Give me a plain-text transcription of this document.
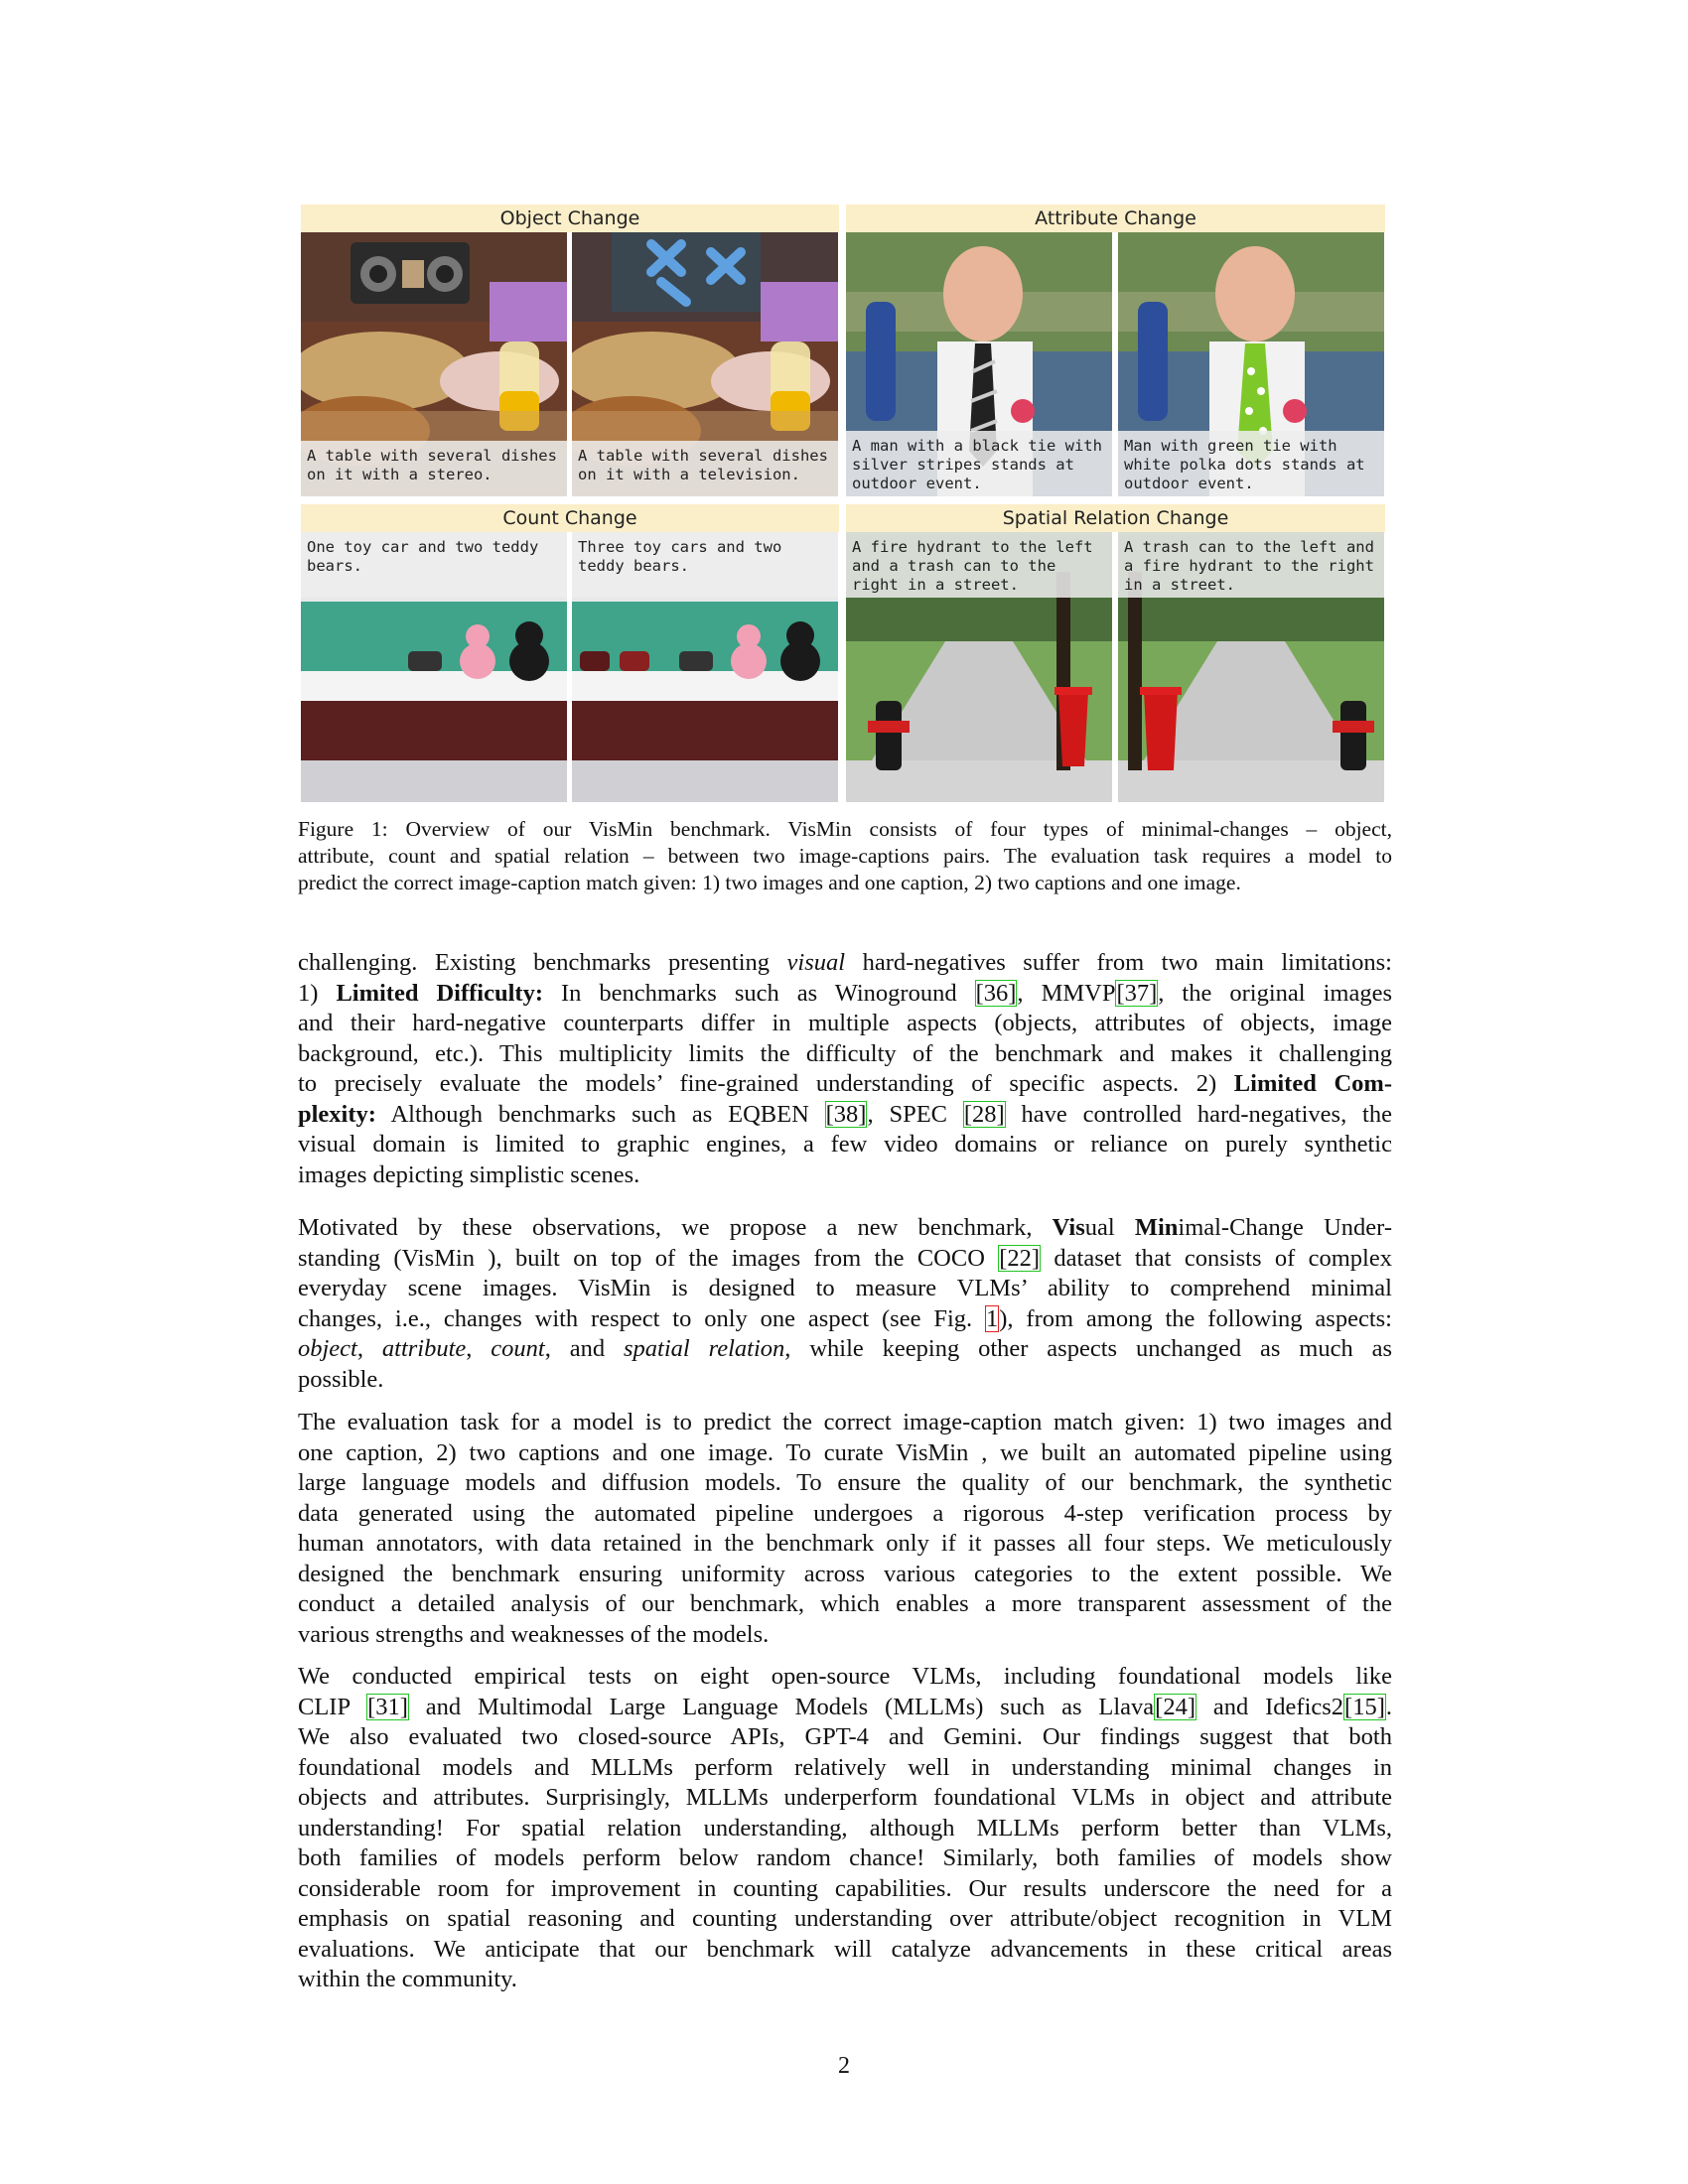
Object Change
A table with several dishes on it with a stereo.
A table with several dishes on it with a television.
Attribute Change
A man with a black tie with silver stripes stands at outdoor event.
Man with green tie with white polka dots stands at outdoor event.
Count Change
One toy car and two teddy bears.
Three toy cars and two teddy bears.
Spatial Relation Change
A fire hydrant to the left and a trash can to the right in a street.
A trash can to the left and a fire hydrant to the right in a street.
Figure 1: Overview of our VisMin benchmark. VisMin consists of four types of minimal-changes – object,
attribute, count and spatial relation – between two image-captions pairs. The evaluation task requires a model to
predict the correct image-caption match given: 1) two images and one caption, 2) two captions and one image.
challenging. Existing benchmarks presenting visual hard-negatives suffer from two main limitations:
1) Limited Difficulty: In benchmarks such as Winoground [36], MMVP[37], the original images
and their hard-negative counterparts differ in multiple aspects (objects, attributes of objects, image
background, etc.). This multiplicity limits the difficulty of the benchmark and makes it challenging
to precisely evaluate the models’ fine-grained understanding of specific aspects. 2) Limited Com-
plexity: Although benchmarks such as EQBEN [38], SPEC [28] have controlled hard-negatives, the
visual domain is limited to graphic engines, a few video domains or reliance on purely synthetic
images depicting simplistic scenes.
Motivated by these observations, we propose a new benchmark, Visual Minimal-Change Under-
standing (VisMin ), built on top of the images from the COCO [22] dataset that consists of complex
everyday scene images. VisMin is designed to measure VLMs’ ability to comprehend minimal
changes, i.e., changes with respect to only one aspect (see Fig. 1), from among the following aspects:
object, attribute, count, and spatial relation, while keeping other aspects unchanged as much as
possible.
The evaluation task for a model is to predict the correct image-caption match given: 1) two images and
one caption, 2) two captions and one image. To curate VisMin , we built an automated pipeline using
large language models and diffusion models. To ensure the quality of our benchmark, the synthetic
data generated using the automated pipeline undergoes a rigorous 4-step verification process by
human annotators, with data retained in the benchmark only if it passes all four steps. We meticulously
designed the benchmark ensuring uniformity across various categories to the extent possible. We
conduct a detailed analysis of our benchmark, which enables a more transparent assessment of the
various strengths and weaknesses of the models.
We conducted empirical tests on eight open-source VLMs, including foundational models like
CLIP [31] and Multimodal Large Language Models (MLLMs) such as Llava[24] and Idefics2[15].
We also evaluated two closed-source APIs, GPT-4 and Gemini. Our findings suggest that both
foundational models and MLLMs perform relatively well in understanding minimal changes in
objects and attributes. Surprisingly, MLLMs underperform foundational VLMs in object and attribute
understanding! For spatial relation understanding, although MLLMs perform better than VLMs,
both families of models perform below random chance! Similarly, both families of models show
considerable room for improvement in counting capabilities. Our results underscore the need for a
emphasis on spatial reasoning and counting understanding over attribute/object recognition in VLM
evaluations. We anticipate that our benchmark will catalyze advancements in these critical areas
within the community.
2
